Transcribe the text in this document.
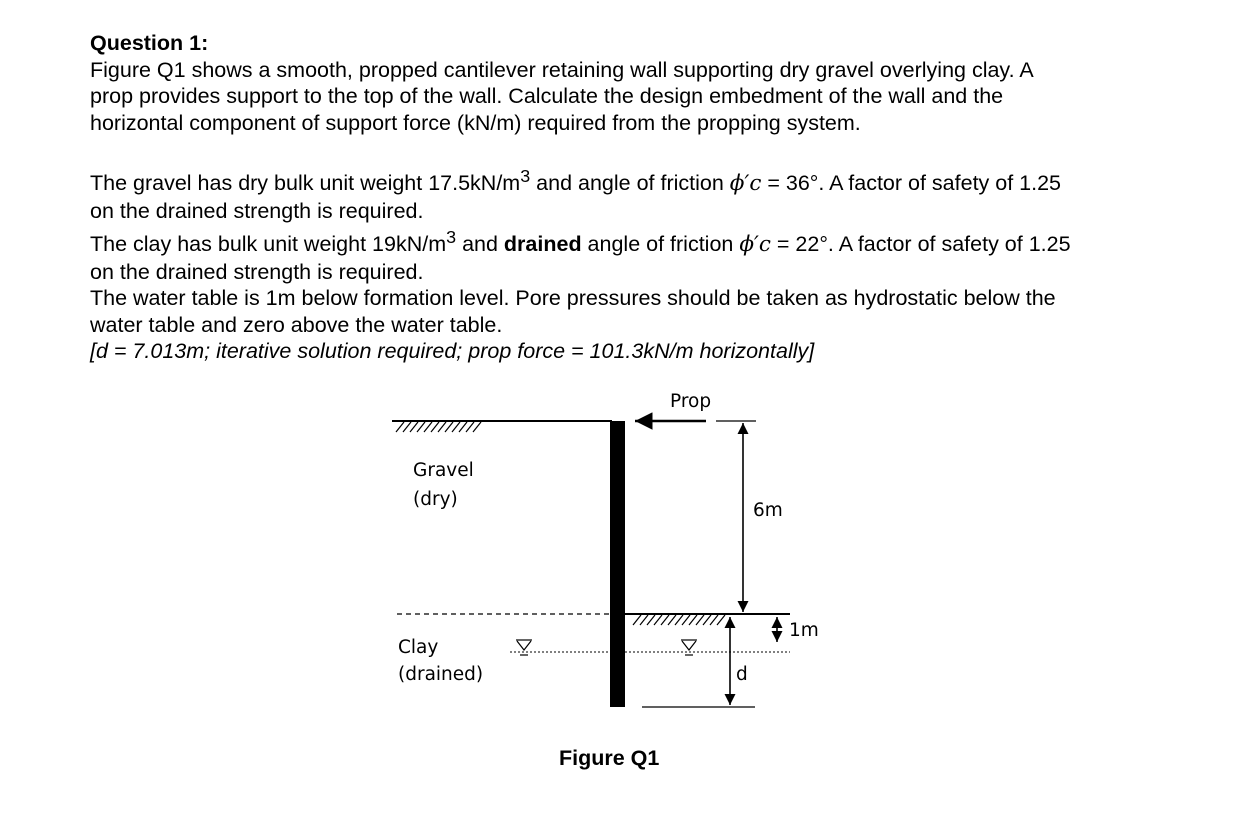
Question 1:

Figure Q1 shows a smooth, propped cantilever retaining wall supporting dry gravel overlying clay. A

prop provides support to the top of the wall. Calculate the design embedment of the wall and the

horizontal component of support force (kN/m) required from the propping system.

The gravel has dry bulk unit weight $17.5kN/m^3$ and angle of friction ϕ′c = 36°. A factor of safety of 1.25

on the drained strength is required.

The clay has bulk unit weight $19kN/m^3$ and drained angle of friction ϕ′c = 22°. A factor of safety of 1.25

on the drained strength is required.

The water table is 1m below formation level. Pore pressures should be taken as hydrostatic below the

water table and zero above the water table.

[d = 7.013m; iterative solution required; prop force = 101.3kN/m horizontally]

Prop
6m
1m
d
Gravel
(dry)
Clay
(drained)
Figure Q1
